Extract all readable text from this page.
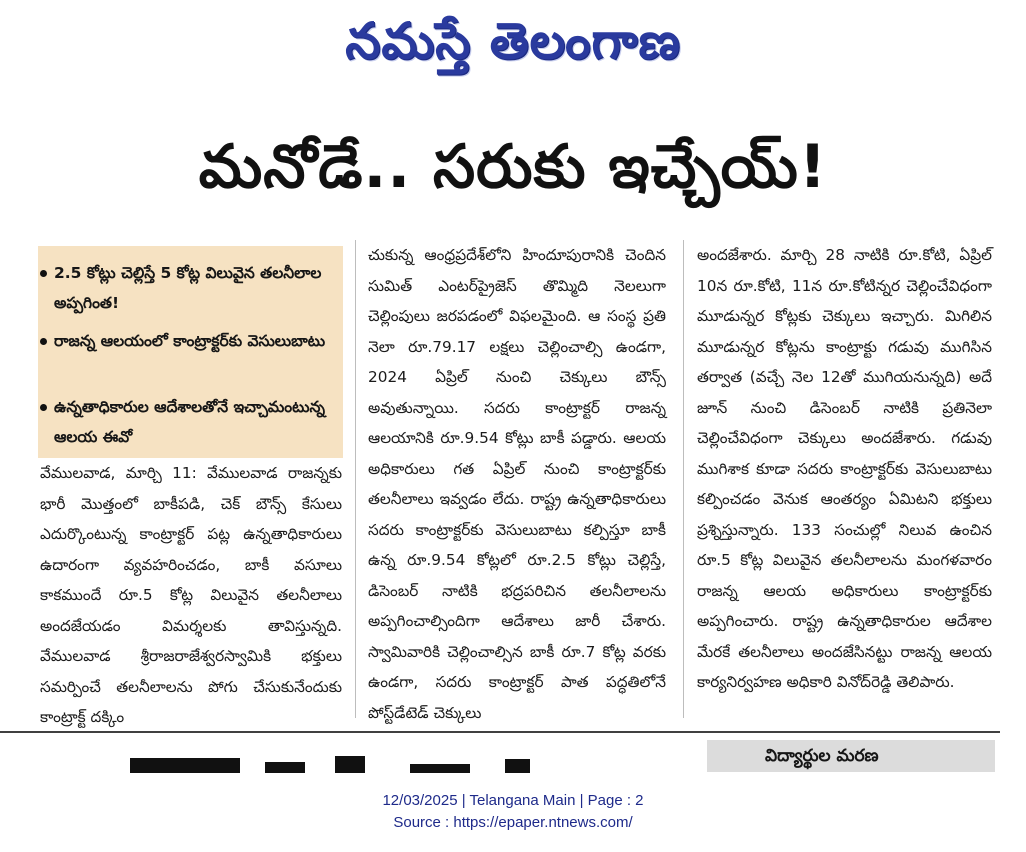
నమస్తే తెలంగాణ
మనోడే.. సరుకు ఇచ్చేయ్!
2.5 కోట్లు చెల్లిస్తే 5 కోట్ల విలువైన తలనీలాల అప్పగింత!
రాజన్న ఆలయంలో కాంట్రాక్టర్‌కు వెసులుబాటు
ఉన్నతాధికారుల ఆదేశాలతోనే ఇచ్చామంటున్న ఆలయ ఈవో
వేములవాడ, మార్చి 11: వేములవాడ రాజన్నకు భారీ మొత్తంలో బాకీపడి, చెక్ బౌన్స్ కేసులు ఎదుర్కొంటున్న కాంట్రాక్టర్ పట్ల ఉన్నతాధికారులు ఉదారంగా వ్యవహరించడం, బాకీ వసూలు కాకముందే రూ.5 కోట్ల విలువైన తలనీలాలు అందజేయడం విమర్శలకు తావిస్తున్నది. వేములవాడ శ్రీరాజరాజేశ్వరస్వామికి భక్తులు సమర్పించే తలనీలాలను పోగు చేసుకునేందుకు కాంట్రాక్ట్ దక్కిం
చుకున్న ఆంధ్రప్రదేశ్‌లోని హిందూపురానికి చెందిన సుమిత్ ఎంటర్‌ప్రైజెస్ తొమ్మిది నెలలుగా చెల్లింపులు జరపడంలో విఫలమైంది. ఆ సంస్థ ప్రతి నెలా రూ.79.17 లక్షలు చెల్లించాల్సి ఉండగా, 2024 ఏప్రిల్ నుంచి చెక్కులు బౌన్స్ అవుతున్నాయి. సదరు కాంట్రాక్టర్ రాజన్న ఆలయానికి రూ.9.54 కోట్లు బాకీ పడ్డారు. ఆలయ అధికారులు గత ఏప్రిల్ నుంచి కాంట్రాక్టర్‌కు తలనీలాలు ఇవ్వడం లేదు. రాష్ట్ర ఉన్నతాధికారులు సదరు కాంట్రాక్టర్‌కు వెసులుబాటు కల్పిస్తూ బాకీ ఉన్న రూ.9.54 కోట్లలో రూ.2.5 కోట్లు చెల్లిస్తే, డిసెంబర్ నాటికి భద్రపరిచిన తలనీలాలను అప్పగించాల్సిందిగా ఆదేశాలు జారీ చేశారు. స్వామివారికి చెల్లించాల్సిన బాకీ రూ.7 కోట్ల వరకు ఉండగా, సదరు కాంట్రాక్టర్ పాత పద్ధతిలోనే పోస్ట్‌డేటెడ్ చెక్కులు
అందజేశారు. మార్చి 28 నాటికి రూ.కోటి, ఏప్రిల్ 10న రూ.కోటి, 11న రూ.కోటిన్నర చెల్లించేవిధంగా మూడున్నర కోట్లకు చెక్కులు ఇచ్చారు. మిగిలిన మూడున్నర కోట్లను కాంట్రాక్టు గడువు ముగిసిన తర్వాత (వచ్చే నెల 12తో ముగియనున్నది) అదే జూన్ నుంచి డిసెంబర్ నాటికి ప్రతినెలా చెల్లించేవిధంగా చెక్కులు అందజేశారు. గడువు ముగిశాక కూడా సదరు కాంట్రాక్టర్‌కు వెసులుబాటు కల్పించడం వెనుక ఆంతర్యం ఏమిటని భక్తులు ప్రశ్నిస్తున్నారు. 133 సంచుల్లో నిలువ ఉంచిన రూ.5 కోట్ల విలువైన తలనీలాలను మంగళవారం రాజన్న ఆలయ అధికారులు కాంట్రాక్టర్‌కు అప్పగించారు. రాష్ట్ర ఉన్నతాధికారుల ఆదేశాల మేరకే తలనీలాలు అందజేసినట్టు రాజన్న ఆలయ కార్యనిర్వహణ అధికారి వినోద్‌రెడ్డి తెలిపారు.
విద్యార్థుల మరణ
12/03/2025 | Telangana Main | Page : 2
Source : https://epaper.ntnews.com/
